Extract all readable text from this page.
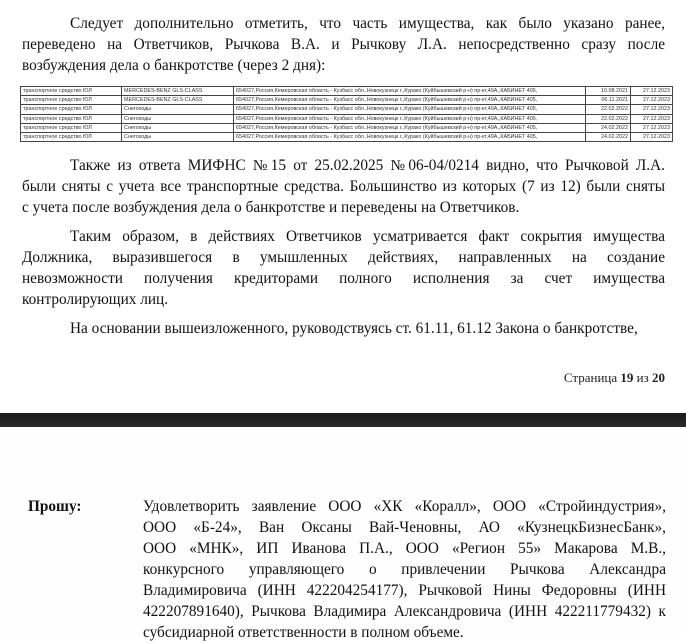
Следует дополнительно отметить, что часть имущества, как было указано ранее,
переведено на Ответчиков, Рычкова В.А. и Рычкову Л.А. непосредственно сразу после
возбуждения дела о банкротстве (через 2 дня):
транспортное средство ЮЛ	MERCEDES-BENZ GLS-CLASS	654027,Россия,Кемеровская область - Кузбасс обл.,Новокузнецк г.,Курако (Куйбышевский р-н) пр-кт,49А,,КАБИНЕТ 405,	10.08.2021	27.12.2023
транспортное средство ЮЛ	MERCEDES-BENZ GLS-CLASS	654027,Россия,Кемеровская область - Кузбасс обл.,Новокузнецк г.,Курако (Куйбышевский р-н) пр-кт,49А,,КАБИНЕТ 405,	06.11.2021	27.12.2023
транспортное средство ЮЛ	Снегоходы	654027,Россия,Кемеровская область - Кузбасс обл.,Новокузнецк г.,Курако (Куйбышевский р-н) пр-кт,49А,,КАБИНЕТ 405,	22.02.2022	27.12.2023
транспортное средство ЮЛ	Снегоходы	654027,Россия,Кемеровская область - Кузбасс обл.,Новокузнецк г.,Курако (Куйбышевский р-н) пр-кт,49А,,КАБИНЕТ 405,	22.02.2022	27.12.2023
транспортное средство ЮЛ	Снегоходы	654027,Россия,Кемеровская область - Кузбасс обл.,Новокузнецк г.,Курако (Куйбышевский р-н) пр-кт,49А,,КАБИНЕТ 405,	24.02.2022	27.12.2023
транспортное средство ЮЛ	Снегоходы	654027,Россия,Кемеровская область - Кузбасс обл.,Новокузнецк г.,Курако (Куйбышевский р-н) пр-кт,49А,,КАБИНЕТ 405,	24.02.2022	27.12.2023
Также из ответа МИФНС №15 от 25.02.2025 №06-04/0214 видно, что Рычковой Л.А.
были сняты с учета все транспортные средства. Большинство из которых (7 из 12) были сняты
с учета после возбуждения дела о банкротстве и переведены на Ответчиков.
Таким образом, в действиях Ответчиков усматривается факт сокрытия имущества
Должника, выразившегося в умышленных действиях, направленных на создание
невозможности получения кредиторами полного исполнения за счет имущества
контролирующих лиц.
На основании вышеизложенного, руководствуясь ст. 61.11, 61.12 Закона о банкротстве,
Страница 19 из 20
Прошу:	Удовлетворить заявление ООО «ХК «Коралл», ООО «Стройиндустрия»,
ООО «Б-24», Ван Оксаны Вай-Ченовны, АО «КузнецкБизнесБанк»,
ООО «МНК», ИП Иванова П.А., ООО «Регион 55» Макарова М.В.,
конкурсного управляющего о привлечении Рычкова Александра
Владимировича (ИНН 422204254177), Рычковой Нины Федоровны (ИНН
422207891640), Рычкова Владимира Александровича (ИНН 422211779432) к
субсидиарной ответственности в полном объеме.
